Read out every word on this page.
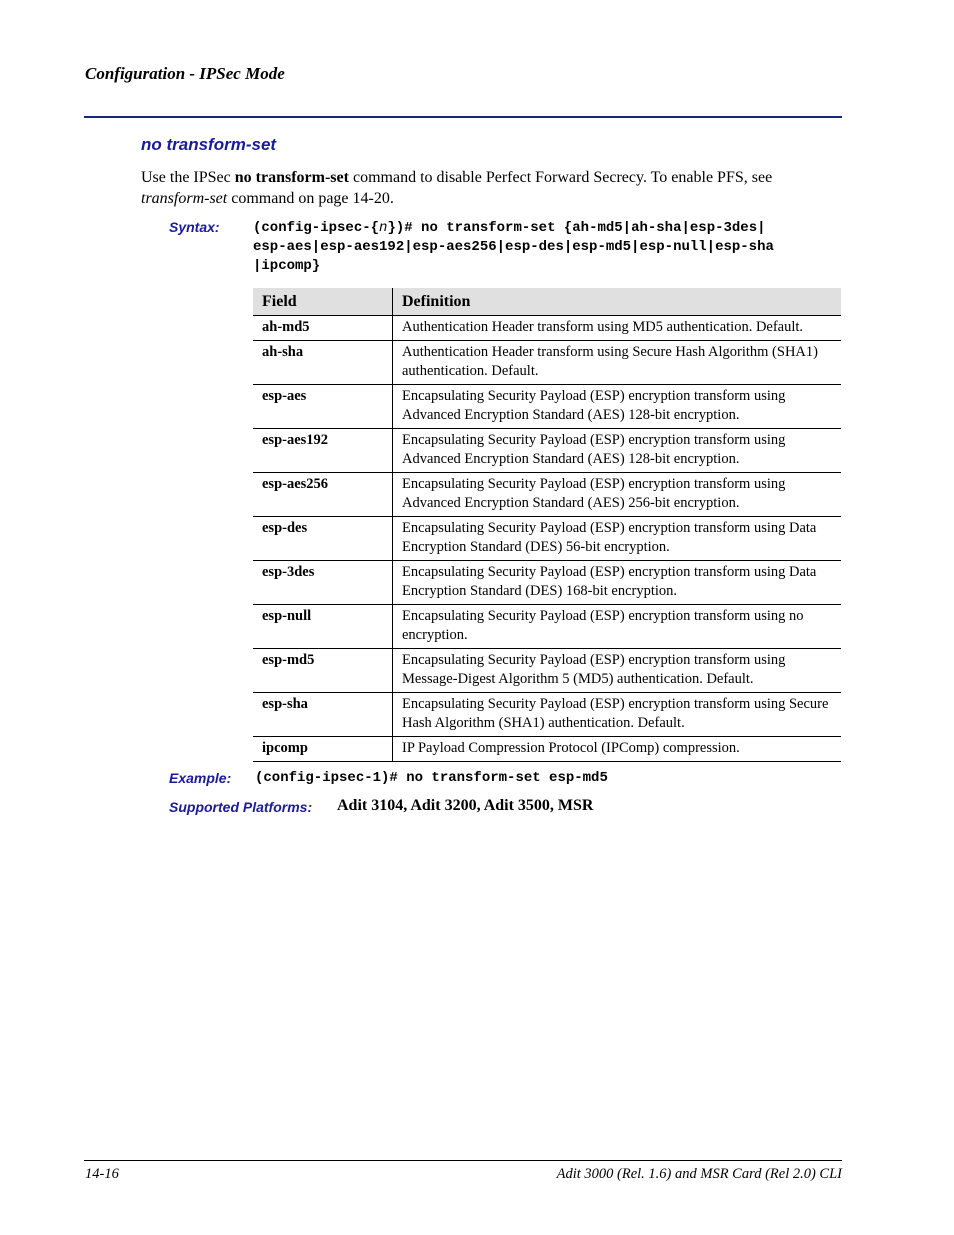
Configuration - IPSec Mode
no transform-set
Use the IPSec no transform-set command to disable Perfect Forward Secrecy. To enable PFS, see transform-set command on page 14-20.
Syntax: (config-ipsec-{n})# no transform-set {ah-md5|ah-sha|esp-3des|
esp-aes|esp-aes192|esp-aes256|esp-des|esp-md5|esp-null|esp-sha
|ipcomp}
Field	Definition
ah-md5	Authentication Header transform using MD5 authentication. Default.
ah-sha	Authentication Header transform using Secure Hash Algorithm (SHA1) authentication. Default.
esp-aes	Encapsulating Security Payload (ESP) encryption transform using Advanced Encryption Standard (AES) 128-bit encryption.
esp-aes192	Encapsulating Security Payload (ESP) encryption transform using Advanced Encryption Standard (AES) 128-bit encryption.
esp-aes256	Encapsulating Security Payload (ESP) encryption transform using Advanced Encryption Standard (AES) 256-bit encryption.
esp-des	Encapsulating Security Payload (ESP) encryption transform using Data Encryption Standard (DES) 56-bit encryption.
esp-3des	Encapsulating Security Payload (ESP) encryption transform using Data Encryption Standard (DES) 168-bit encryption.
esp-null	Encapsulating Security Payload (ESP) encryption transform using no encryption.
esp-md5	Encapsulating Security Payload (ESP) encryption transform using Message-Digest Algorithm 5 (MD5) authentication. Default.
esp-sha	Encapsulating Security Payload (ESP) encryption transform using Secure Hash Algorithm (SHA1) authentication. Default.
ipcomp	IP Payload Compression Protocol (IPComp) compression.
Example: (config-ipsec-1)# no transform-set esp-md5
Supported Platforms: Adit 3104, Adit 3200, Adit 3500, MSR
14-16	Adit 3000 (Rel. 1.6) and MSR Card (Rel 2.0) CLI
